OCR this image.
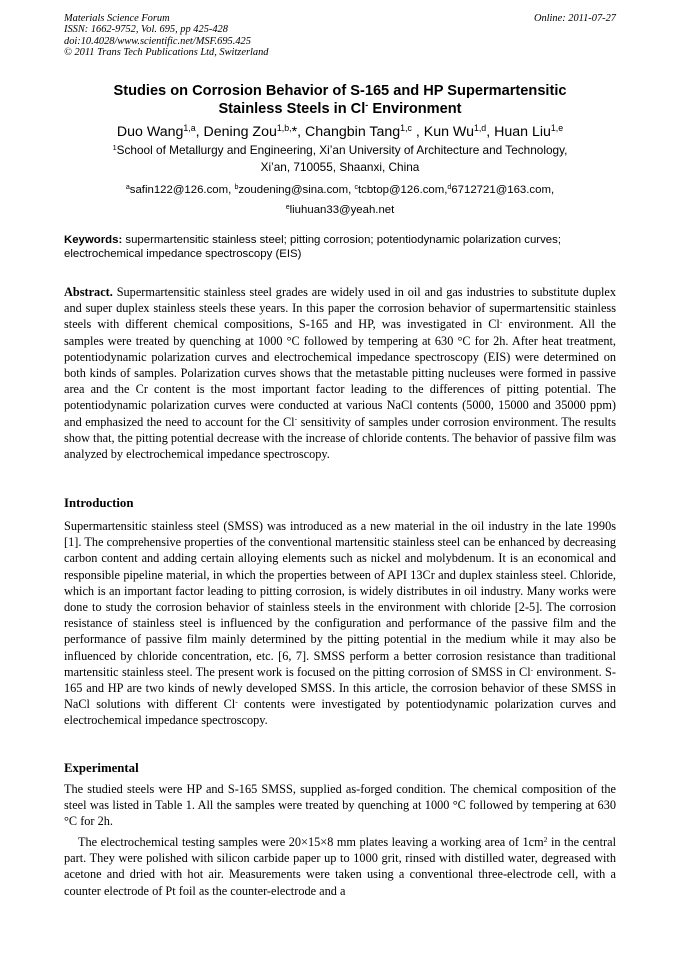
Materials Science Forum
ISSN: 1662-9752, Vol. 695, pp 425-428
doi:10.4028/www.scientific.net/MSF.695.425
© 2011 Trans Tech Publications Ltd, Switzerland
Online: 2011-07-27
Studies on Corrosion Behavior of S-165 and HP Supermartensitic
Stainless Steels in Cl- Environment
Duo Wang$^{1,a}$, Dening Zou$^{1,b,}$*, Changbin Tang$^{1,c}$ , Kun Wu$^{1,d}$, Huan Liu$^{1,e}$
$^1$School of Metallurgy and Engineering, Xi’an University of Architecture and Technology,
Xi’an, 710055, Shaanxi, China
$^a$safin122@126.com, $^b$zoudening@sina.com, $^c$tcbtop@126.com,$^d$6712721@163.com,
$^e$liuhuan33@yeah.net
Keywords: supermartensitic stainless steel; pitting corrosion; potentiodynamic polarization curves; electrochemical impedance spectroscopy (EIS)
Abstract. Supermartensitic stainless steel grades are widely used in oil and gas industries to substitute duplex and super duplex stainless steels these years. In this paper the corrosion behavior of supermartensitic stainless steels with different chemical compositions, S-165 and HP, was investigated in Cl- environment. All the samples were treated by quenching at 1000 °C followed by tempering at 630 °C for 2h. After heat treatment, potentiodynamic polarization curves and electrochemical impedance spectroscopy (EIS) were determined on both kinds of samples. Polarization curves shows that the metastable pitting nucleuses were formed in passive area and the Cr content is the most important factor leading to the differences of pitting potential. The potentiodynamic polarization curves were conducted at various NaCl contents (5000, 15000 and 35000 ppm) and emphasized the need to account for the Cl- sensitivity of samples under corrosion environment. The results show that, the pitting potential decrease with the increase of chloride contents. The behavior of passive film was analyzed by electrochemical impedance spectroscopy.
Introduction
Supermartensitic stainless steel (SMSS) was introduced as a new material in the oil industry in the late 1990s [1]. The comprehensive properties of the conventional martensitic stainless steel can be enhanced by decreasing carbon content and adding certain alloying elements such as nickel and molybdenum. It is an economical and responsible pipeline material, in which the properties between of API 13Cr and duplex stainless steel. Chloride, which is an important factor leading to pitting corrosion, is widely distributes in oil industry. Many works were done to study the corrosion behavior of stainless steels in the environment with chloride [2-5]. The corrosion resistance of stainless steel is influenced by the configuration and performance of the passive film and the performance of passive film mainly determined by the pitting potential in the medium while it may also be influenced by chloride concentration, etc. [6, 7]. SMSS perform a better corrosion resistance than traditional martensitic stainless steel. The present work is focused on the pitting corrosion of SMSS in Cl- environment. S-165 and HP are two kinds of newly developed SMSS. In this article, the corrosion behavior of these SMSS in NaCl solutions with different Cl- contents were investigated by potentiodynamic polarization curves and electrochemical impedance spectroscopy.
Experimental
The studied steels were HP and S-165 SMSS, supplied as-forged condition. The chemical composition of the steel was listed in Table 1. All the samples were treated by quenching at 1000 °C followed by tempering at 630 °C for 2h.
The electrochemical testing samples were 20×15×8 mm plates leaving a working area of $1cm^2$ in the central part. They were polished with silicon carbide paper up to 1000 grit, rinsed with distilled water, degreased with acetone and dried with hot air. Measurements were taken using a conventional three-electrode cell, with a counter electrode of Pt foil as the counter-electrode and a
